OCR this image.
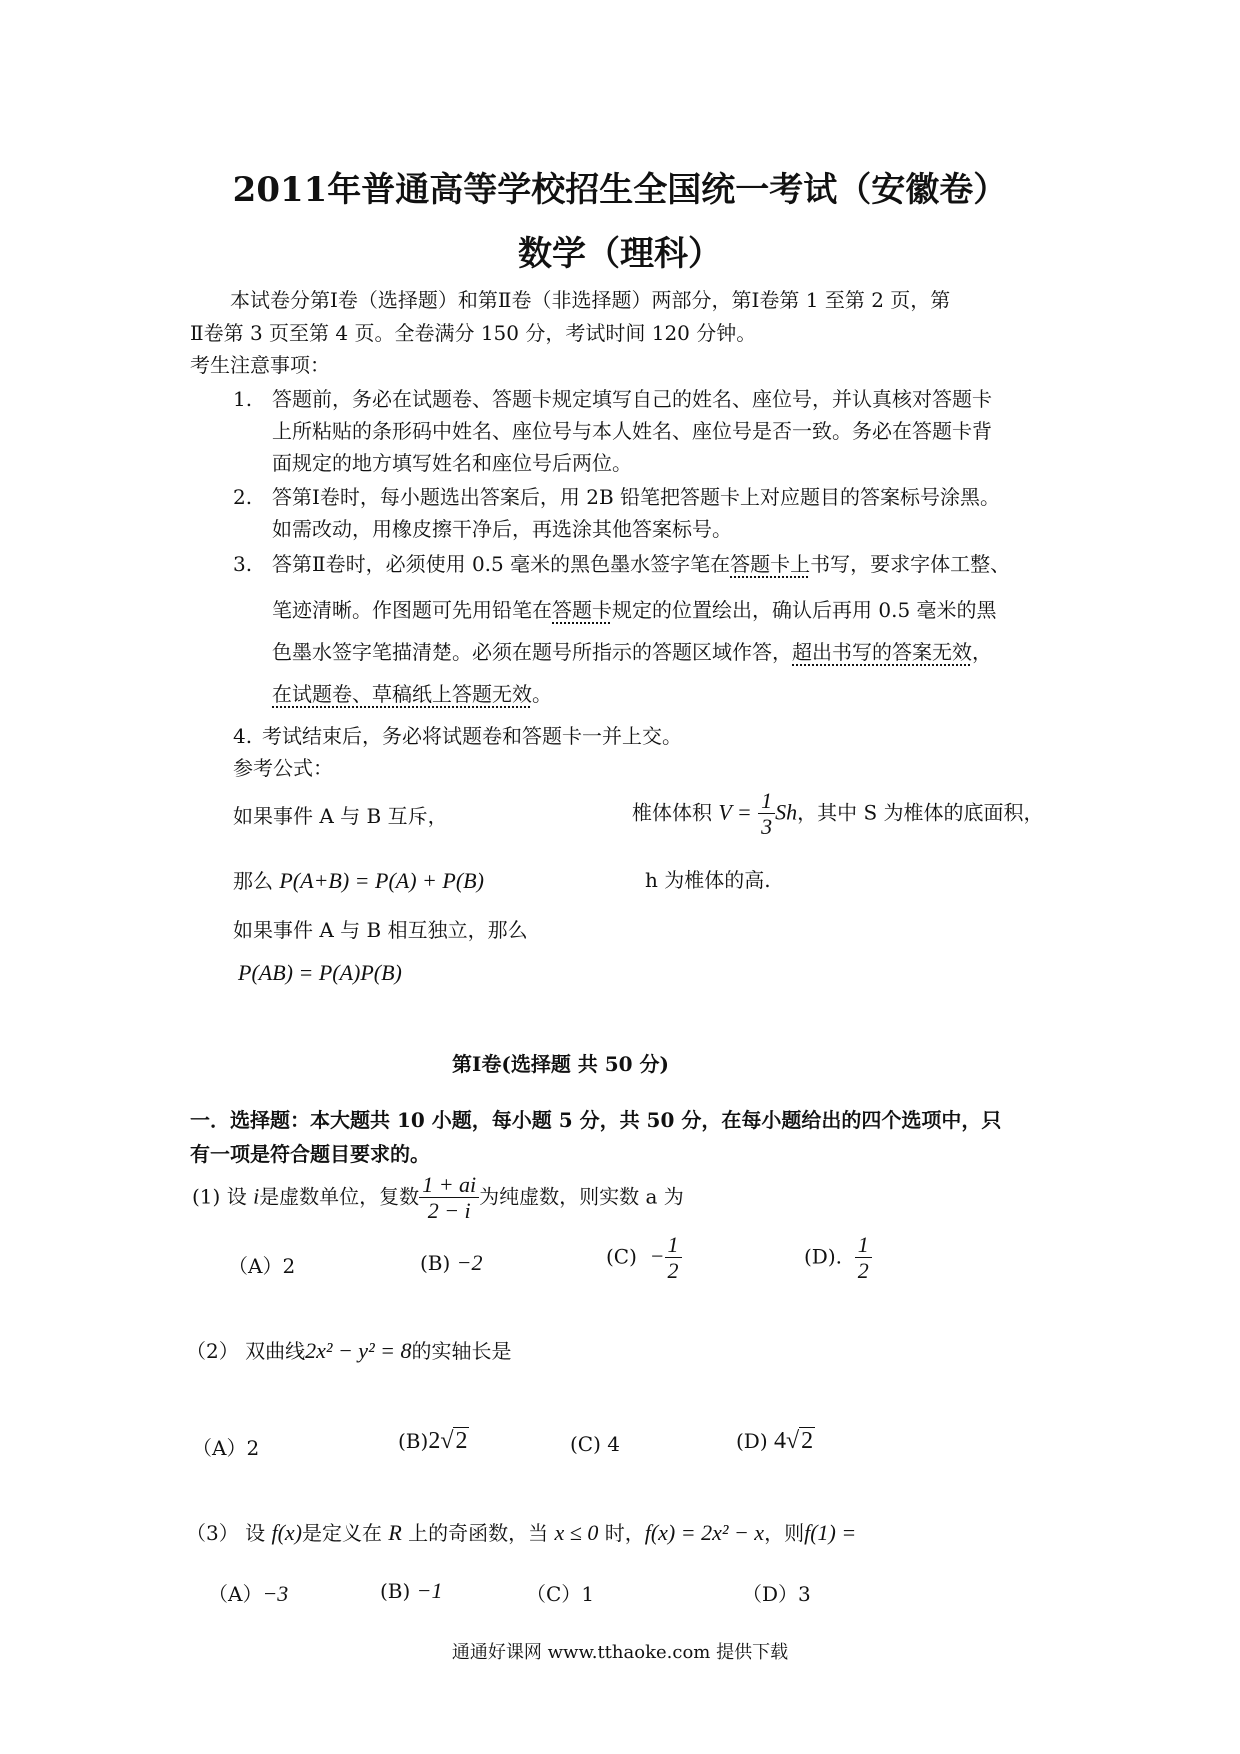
2011年普通高等学校招生全国统一考试（安徽卷）
数学（理科）
本试卷分第Ⅰ卷（选择题）和第Ⅱ卷（非选择题）两部分，第Ⅰ卷第 1 至第 2 页，第
Ⅱ卷第 3 页至第 4 页。全卷满分 150 分，考试时间 120 分钟。
考生注意事项：
1. 答题前，务必在试题卷、答题卡规定填写自己的姓名、座位号，并认真核对答题卡
上所粘贴的条形码中姓名、座位号与本人姓名、座位号是否一致。务必在答题卡背
面规定的地方填写姓名和座位号后两位。
2. 答第Ⅰ卷时，每小题选出答案后，用 2B 铅笔把答题卡上对应题目的答案标号涂黑。
如需改动，用橡皮擦干净后，再选涂其他答案标号。
3. 答第Ⅱ卷时，必须使用 0.5 毫米的黑色墨水签字笔在答题卡上书写，要求字体工整、
笔迹清晰。作图题可先用铅笔在答题卡规定的位置绘出，确认后再用 0.5 毫米的黑
色墨水签字笔描清楚。必须在题号所指示的答题区域作答，超出书写的答案无效，
在试题卷、草稿纸上答题无效。
4. 考试结束后，务必将试题卷和答题卡一并上交。
参考公式：
如果事件 A 与 B 互斥，	椎体体积 $V = \frac{1}{3}$ Sh，其中 S 为椎体的底面积，
那么 P(A+B) = P(A) + P(B)	h 为椎体的高.
如果事件 A 与 B 相互独立，那么
P(AB) = P(A)P(B)
第Ⅰ卷(选择题 共 50 分)
一．选择题：本大题共 10 小题，每小题 5 分，共 50 分，在每小题给出的四个选项中，只
有一项是符合题目要求的。
(1) 设 i是虚数单位，复数 $\frac{1 + ai}{2 - i}$ 为纯虚数，则实数 a 为
（A）2	(B) −2	$(C) - \frac{1}{2}$	(D). $\frac{1}{2}$
（2） 双曲线2x² − y² = 8的实轴长是
（A）2	(B)2√2	(C) 4	(D) 4√2
（3） 设 f(x)是定义在 R 上的奇函数，当 x ≤ 0 时，f(x) = 2x² − x，则f(1) =
（A）−3	(B) −1	（C）1	（D）3
通通好课网 www.tthaoke.com 提供下载
